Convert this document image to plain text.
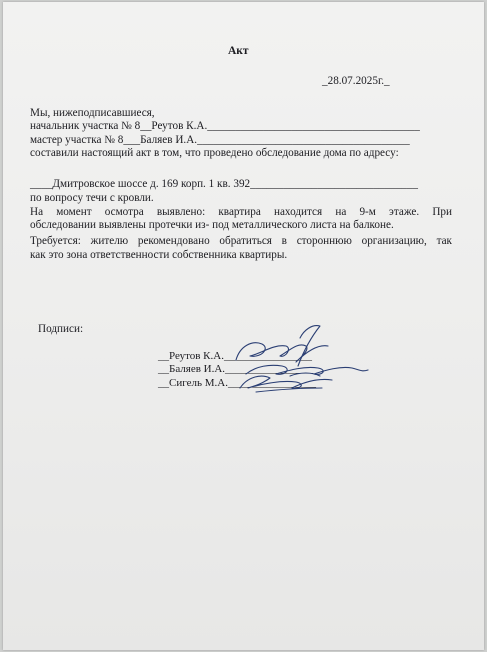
Акт
_28.07.2025г._
Мы, нижеподписавшиеся,
начальник участка № 8__Реутов К.А.______________________________________
мастер участка № 8___Баляев И.А.______________________________________
составили настоящий акт в том, что проведено обследование дома по адресу:
____Дмитровское шоссе д. 169 корп. 1 кв. 392______________________________
по вопросу течи с кровли.
На момент осмотра выявлено: квартира находится на 9-м этаже. При
обследовании выявлены протечки из- под металлического листа на балконе.
Требуется: жителю рекомендовано обратиться в стороннюю организацию, так
как это зона ответственности собственника квартиры.
Подписи:
__Реутов К.А.________________
__Баляев И.А.________________
__Сигель М.А.________________
